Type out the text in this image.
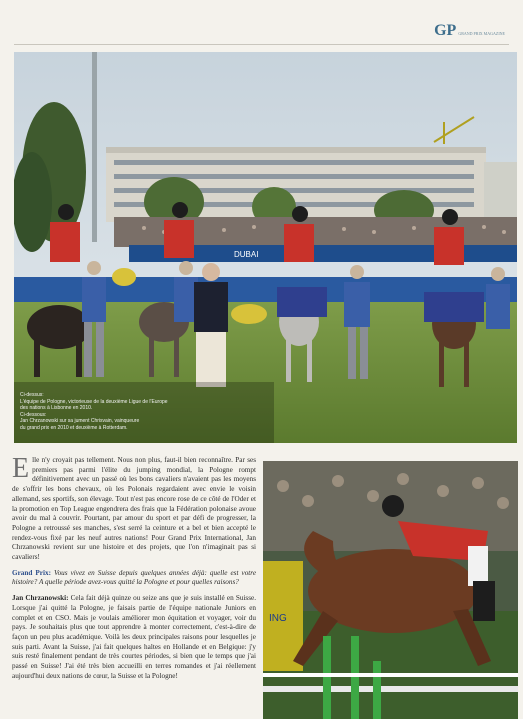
GP GRAND PRIX MAGAZINE
DUBAI
Ci-dessus:
L'équipe de Pologne, victorieuse de la deuxième Ligue de l'Europe
des nations à Lisbonne en 2010.
Ci-dessous:
Jan Chrzanowski sur sa jument Chrisvain, vainqueure
du grand prix en 2010 et deuxième à Rotterdam.

Elle n'y croyait pas tellement. Nous non plus, faut-il bien reconnaître. Par ses premiers pas parmi l'élite du jumping mondial, la Pologne rompt définitivement avec un passé où les bons cavaliers n'avaient pas les moyens de s'offrir les bons chevaux, où les Polonais regardaient avec envie le voisin allemand, ses sportifs, son élevage. Tout n'est pas encore rose de ce côté de l'Oder et la promotion en Top League engendrera des frais que la Fédération polonaise avoue avoir du mal à couvrir. Pourtant, par amour du sport et par défi de progresser, la Pologne a retroussé ses manches, s'est serré la ceinture et a bel et bien accepté le rendez-vous fixé par les neuf autres nations! Pour Grand Prix International, Jan Chrzanowski revient sur une histoire et des projets, que l'on n'imaginait pas si cavaliers!

Grand Prix: Vous vivez en Suisse depuis quelques années déjà: quelle est votre histoire? A quelle période avez-vous quitté la Pologne et pour quelles raisons?

Jan Chrzanowski: Cela fait déjà quinze ou seize ans que je suis installé en Suisse. Lorsque j'ai quitté la Pologne, je faisais partie de l'équipe nationale Juniors en complet et en CSO. Mais je voulais améliorer mon équitation et voyager, voir du pays. Je souhaitais plus que tout apprendre à monter correctement, c'est-à-dire de façon un peu plus académique. Voilà les deux principales raisons pour lesquelles je suis parti. Avant la Suisse, j'ai fait quelques haltes en Hollande et en Belgique: j'y suis resté finalement pendant de très courtes périodes, si bien que le temps que j'ai passé en Suisse! J'ai été très bien accueilli en terres romandes et j'ai réellement aujourd'hui deux nations de cœur, la Suisse et la Pologne!

ING
